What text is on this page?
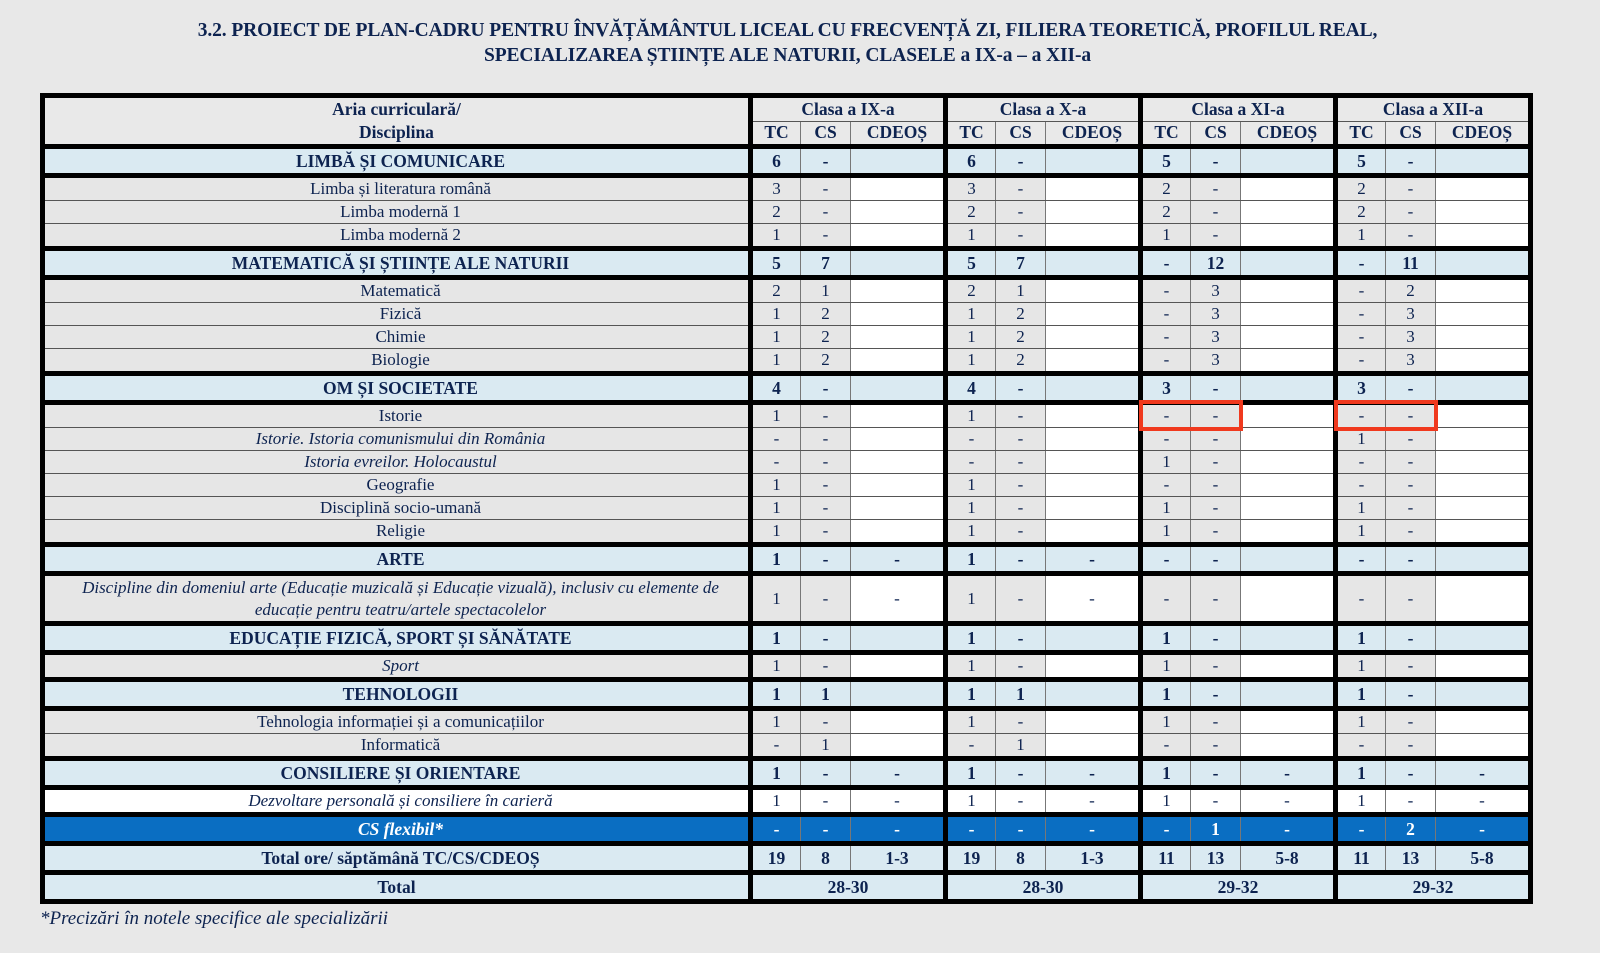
3.2. PROIECT DE PLAN-CADRU PENTRU ÎNVĂȚĂMÂNTUL LICEAL CU FRECVENȚĂ ZI, FILIERA TEORETICĂ, PROFILUL REAL,
SPECIALIZAREA ȘTIINȚE ALE NATURII, CLASELE a IX-a – a XII-a
Aria curriculară/
Disciplina	Clasa a IX-a			Clasa a X-a			Clasa a XI-a			Clasa a XII-a		
	TC	CS	CDEOȘ	TC	CS	CDEOȘ	TC	CS	CDEOȘ	TC	CS	CDEOȘ
LIMBĂ ȘI COMUNICARE	6	-		6	-		5	-		5	-	
Limba și literatura română	3	-		3	-		2	-		2	-	
Limba modernă 1	2	-		2	-		2	-		2	-	
Limba modernă 2	1	-		1	-		1	-		1	-	
MATEMATICĂ ȘI ȘTIINȚE ALE NATURII	5	7		5	7		-	12		-	11	
Matematică	2	1		2	1		-	3		-	2	
Fizică	1	2		1	2		-	3		-	3	
Chimie	1	2		1	2		-	3		-	3	
Biologie	1	2		1	2		-	3		-	3	
OM ȘI SOCIETATE	4	-		4	-		3	-		3	-	
Istorie	1	-		1	-		-	-		-	-	
Istorie. Istoria comunismului din România	-	-		-	-		-	-		1	-	
Istoria evreilor. Holocaustul	-	-		-	-		1	-		-	-	
Geografie	1	-		1	-		-	-		-	-	
Disciplină socio-umană	1	-		1	-		1	-		1	-	
Religie	1	-		1	-		1	-		1	-	
ARTE	1	-	-	1	-	-	-	-		-	-	
Discipline din domeniul arte (Educație muzicală și Educație vizuală), inclusiv cu elemente de educație pentru teatru/artele spectacolelor	1	-	-	1	-	-	-	-		-	-	
EDUCAȚIE FIZICĂ, SPORT ȘI SĂNĂTATE	1	-		1	-		1	-		1	-	
Sport	1	-		1	-		1	-		1	-	
TEHNOLOGII	1	1		1	1		1	-		1	-	
Tehnologia informației și a comunicațiilor	1	-		1	-		1	-		1	-	
Informatică	-	1		-	1		-	-		-	-	
CONSILIERE ȘI ORIENTARE	1	-	-	1	-	-	1	-	-	1	-	-
Dezvoltare personală și consiliere în carieră	1	-	-	1	-	-	1	-	-	1	-	-
CS flexibil*	-	-	-	-	-	-	-	1	-	-	2	-
Total ore/ săptămână TC/CS/CDEOȘ	19	8	1-3	19	8	1-3	11	13	5-8	11	13	5-8
Total	28-30			28-30			29-32			29-32		
*Precizări în notele specifice ale specializării
